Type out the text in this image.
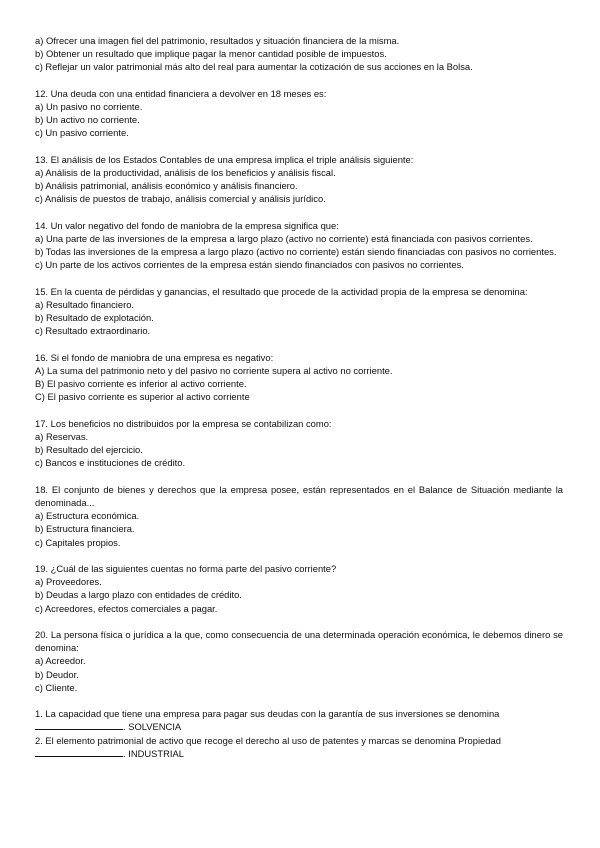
a) Ofrecer una imagen fiel del patrimonio, resultados y situación financiera de la misma.
b) Obtener un resultado que implique pagar la menor cantidad posible de impuestos.
c) Reflejar un valor patrimonial más alto del real para aumentar la cotización de sus acciones en la Bolsa.
12. Una deuda con una entidad financiera a devolver en 18 meses es:
a) Un pasivo no corriente.
b) Un activo no corriente.
c) Un pasivo corriente.
13. El análisis de los Estados Contables de una empresa implica el triple análisis siguiente:
a) Análisis de la productividad, análisis de los beneficios y análisis fiscal.
b) Análisis patrimonial, análisis económico y análisis financiero.
c) Análisis de puestos de trabajo, análisis comercial y análisis jurídico.
14. Un valor negativo del fondo de maniobra de la empresa significa que:
a) Una parte de las inversiones de la empresa a largo plazo (activo no corriente) está financiada con pasivos corrientes.
b) Todas las inversiones de la empresa a largo plazo (activo no corriente) están siendo financiadas con pasivos no corrientes.
c) Un parte de los activos corrientes de la empresa están siendo financiados con pasivos no corrientes.
15. En la cuenta de pérdidas y ganancias, el resultado que procede de la actividad propia de la empresa se denomina:
a) Resultado financiero.
b) Resultado de explotación.
c) Resultado extraordinario.
16. Si el fondo de maniobra de una empresa es negativo:
A) La suma del patrimonio neto y del pasivo no corriente supera al activo no corriente.
B) El pasivo corriente es inferior al activo corriente.
C) El pasivo corriente es superior al activo corriente
17. Los beneficios no distribuidos por la empresa se contabilizan como:
a) Reservas.
b) Resultado del ejercicio.
c) Bancos e instituciones de crédito.
18. El conjunto de bienes y derechos que la empresa posee, están representados en el Balance de Situación mediante la denominada...
a) Estructura económica.
b) Estructura financiera.
c) Capitales propios.
19. ¿Cuál de las siguientes cuentas no forma parte del pasivo corriente?
a) Proveedores.
b) Deudas a largo plazo con entidades de crédito.
c) Acreedores, efectos comerciales a pagar.
20. La persona física o jurídica a la que, como consecuencia de una determinada operación económica, le debemos dinero se denomina:
a) Acreedor.
b) Deudor.
c) Cliente.
1. La capacidad que tiene una empresa para pagar sus deudas con la garantía de sus inversiones se denomina
. SOLVENCIA
2. El elemento patrimonial de activo que recoge el derecho al uso de patentes y marcas se denomina Propiedad
. INDUSTRIAL
